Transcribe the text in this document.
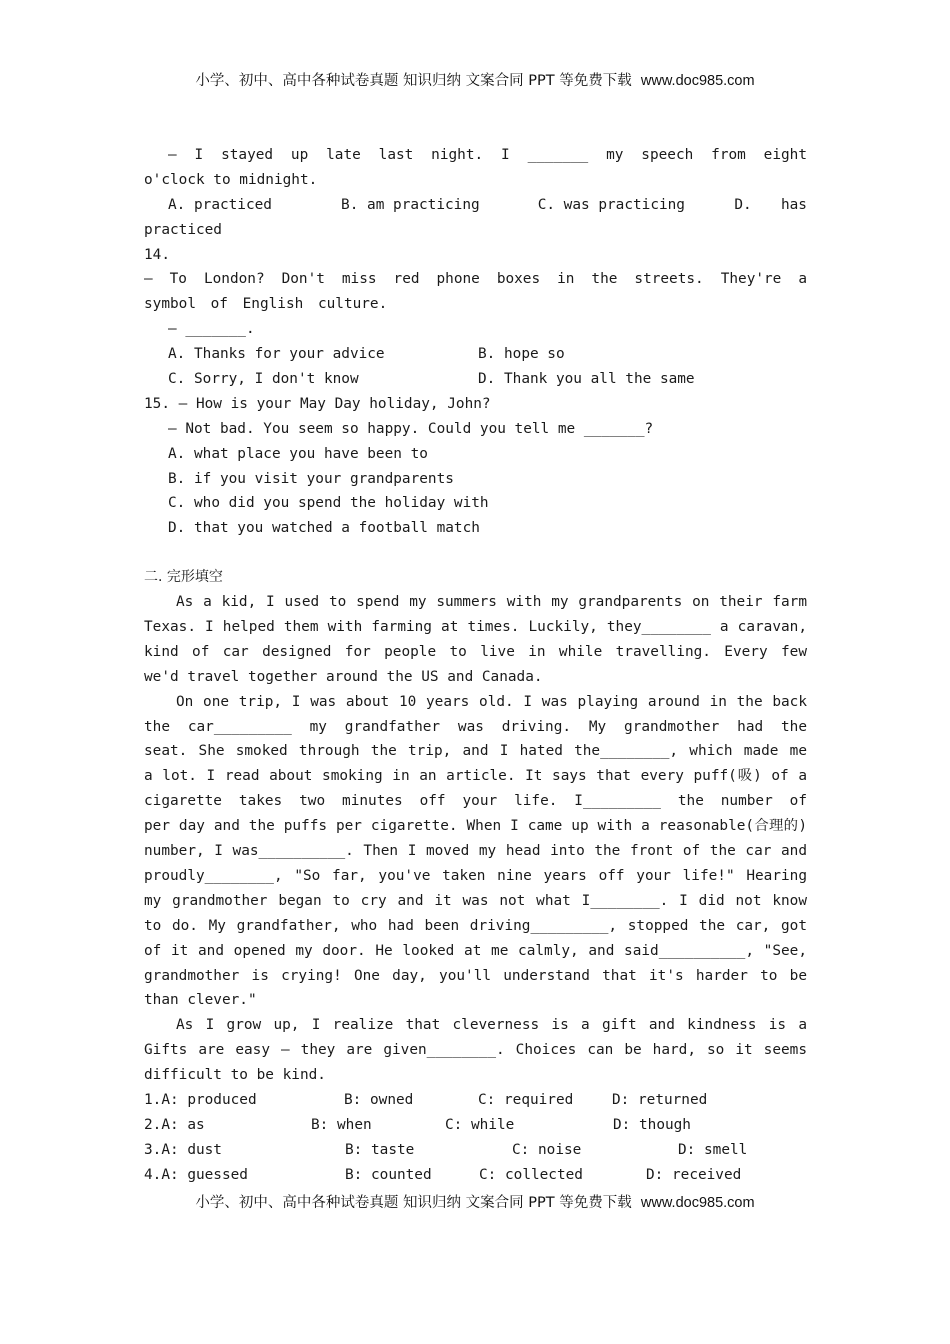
小学、初中、高中各种试卷真题 知识归纳 文案合同 PPT 等免费下载 www.doc985.com
— I stayed up late last night. I _______ my speech from eight
o'clock to midnight.
A. practiced	B. am practicing	C. was practicing	D.  has
practiced
14.
— To London? Don't miss red phone boxes in the streets. They're a
symbol of English culture.
— _______.
A. Thanks for your advice	B. hope so
C. Sorry, I don't know	D. Thank you all the same
15. — How is your May Day holiday, John?
— Not bad. You seem so happy. Could you tell me _______?
A. what place you have been to
B. if you visit your grandparents
C. who did you spend the holiday with
D. that you watched a football match
二. 完形填空
As a kid, I used to spend my summers with my grandparents on their farm
Texas. I helped them with farming at times. Luckily, they________ a caravan,
kind of car designed for people to live in while travelling. Every few
we'd travel together around the US and Canada.
On one trip, I was about 10 years old. I was playing around in the back
the car_________ my grandfather was driving. My grandmother had the
seat. She smoked through the trip, and I hated the________, which made me
a lot. I read about smoking in an article. It says that every puff(吸) of a
cigarette takes two minutes off your life. I_________ the number of
per day and the puffs per cigarette. When I came up with a reasonable(合理的)
number, I was__________. Then I moved my head into the front of the car and
proudly________, "So far, you've taken nine years off your life!" Hearing
my grandmother began to cry and it was not what I________. I did not know
to do. My grandfather, who had been driving_________, stopped the car, got
of it and opened my door. He looked at me calmly, and said__________, "See,
grandmother is crying! One day, you'll understand that it's harder to be
than clever."
As I grow up, I realize that cleverness is a gift and kindness is a
Gifts are easy — they are given________. Choices can be hard, so it seems
difficult to be kind.
1.A: produced	B: owned	C: required	D: returned
2.A: as	B: when	C: while	D: though
3.A: dust	B: taste	C: noise	D: smell
4.A: guessed	B: counted	C: collected	D: received
小学、初中、高中各种试卷真题 知识归纳 文案合同 PPT 等免费下载 www.doc985.com
